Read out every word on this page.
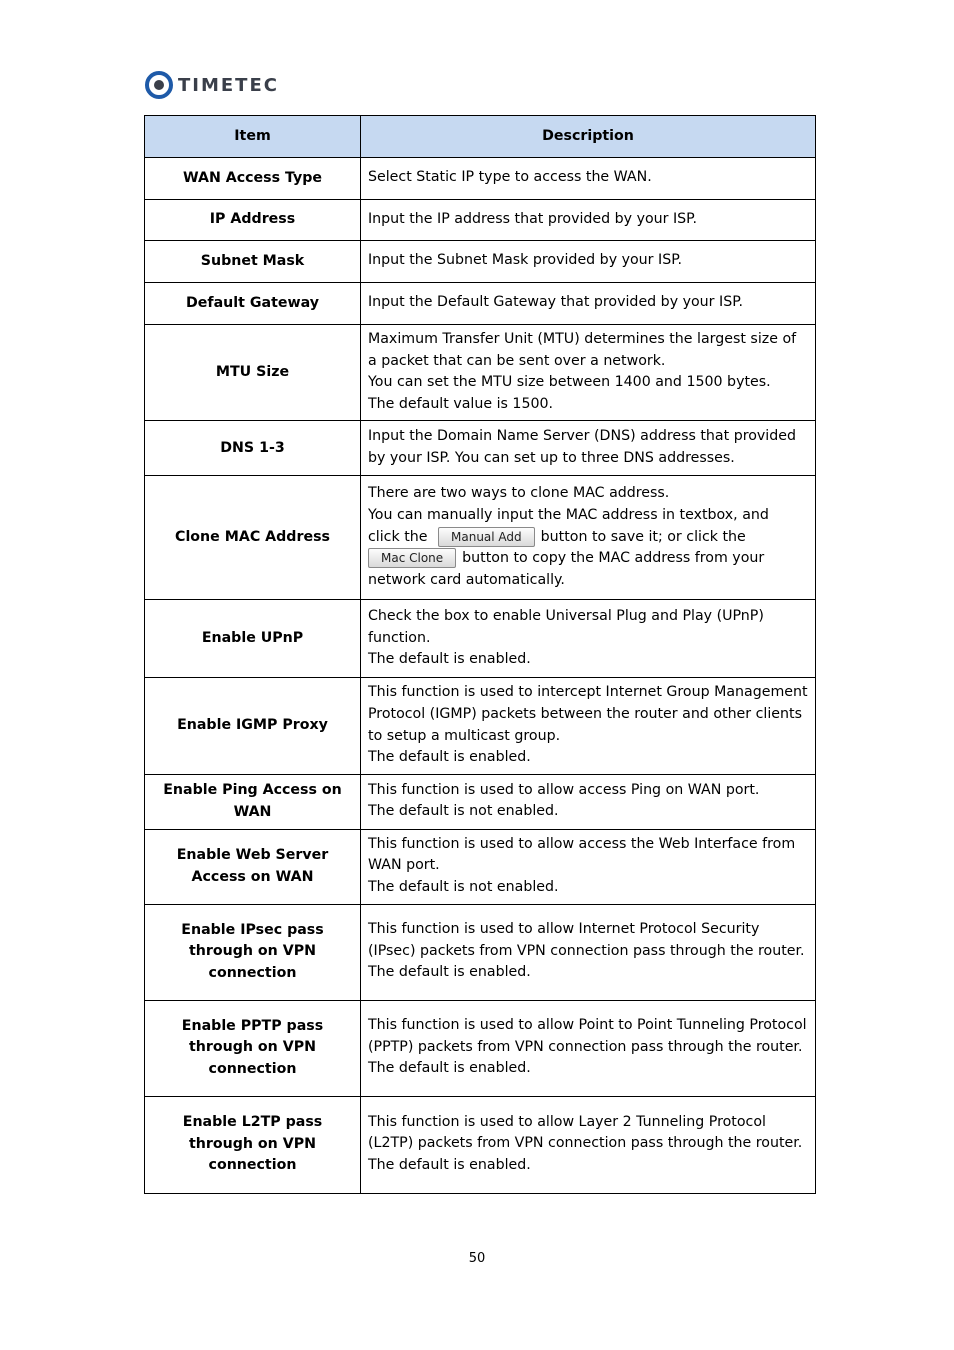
TIMETEC
Item	Description
WAN Access Type	Select Static IP type to access the WAN.

IP Address	Input the IP address that provided by your ISP.

Subnet Mask	Input the Subnet Mask provided by your ISP.

Default Gateway	Input the Default Gateway that provided by your ISP.

MTU Size	Maximum Transfer Unit (MTU) determines the largest size of a packet that can be sent over a network.
You can set the MTU size between 1400 and 1500 bytes.
The default value is 1500.

DNS 1-3	Input the Domain Name Server (DNS) address that provided by your ISP. You can set up to three DNS addresses.

Clone MAC Address	There are two ways to clone MAC address.
You can manually input the MAC address in textbox, and
click the Manual Add button to save it; or click the
Mac Clone button to copy the MAC address from your
network card automatically.

Enable UPnP	Check the box to enable Universal Plug and Play (UPnP) function.
The default is enabled.

Enable IGMP Proxy	This function is used to intercept Internet Group Management Protocol (IGMP) packets between the router and other clients to setup a multicast group.
The default is enabled.

Enable Ping Access on WAN	This function is used to allow access Ping on WAN port.
The default is not enabled.

Enable Web Server Access on WAN	This function is used to allow access the Web Interface from WAN port.
The default is not enabled.

Enable IPsec pass through on VPN connection	This function is used to allow Internet Protocol Security (IPsec) packets from VPN connection pass through the router.
The default is enabled.

Enable PPTP pass through on VPN connection	This function is used to allow Point to Point Tunneling Protocol (PPTP) packets from VPN connection pass through the router.
The default is enabled.

Enable L2TP pass through on VPN connection	This function is used to allow Layer 2 Tunneling Protocol (L2TP) packets from VPN connection pass through the router.
The default is enabled.
50
